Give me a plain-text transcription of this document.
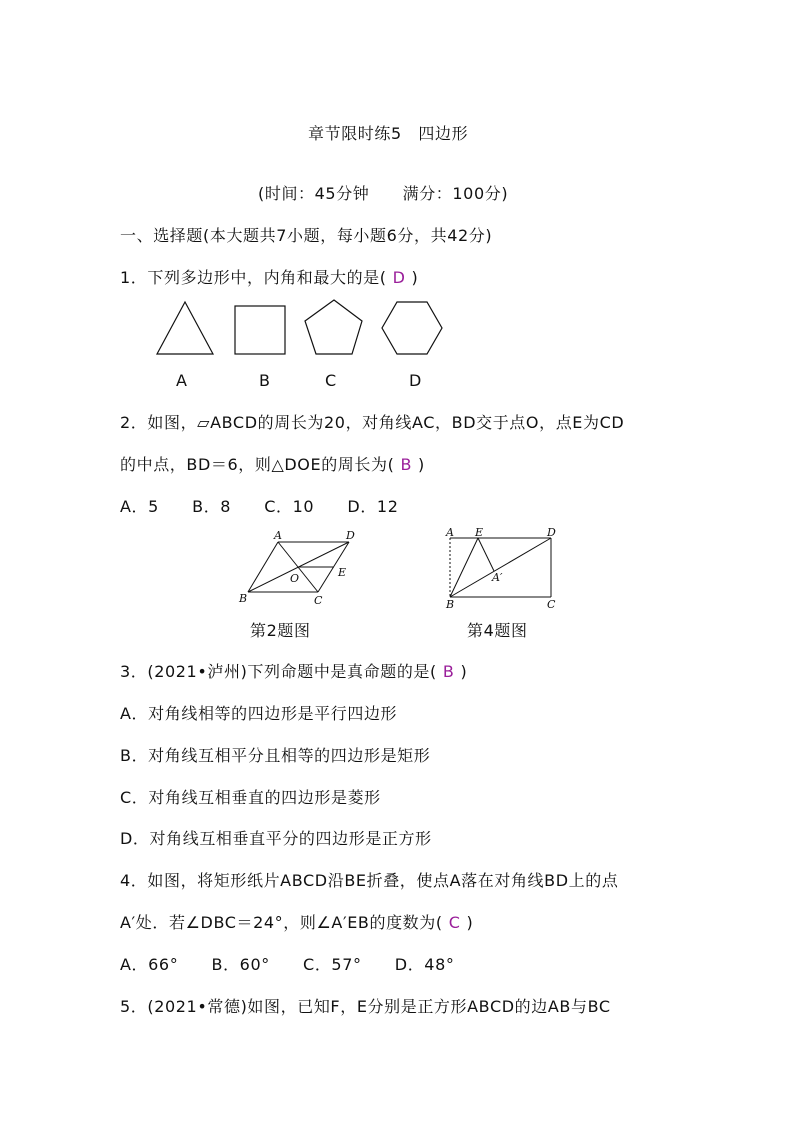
章节限时练5　四边形
(时间：45分钟　　满分：100分)
一、选择题(本大题共7小题，每小题6分，共42分)
1．下列多边形中，内角和最大的是( D )
A	B	C	D
2．如图，▱ABCD的周长为20，对角线AC，BD交于点O，点E为CD
的中点，BD＝6，则△DOE的周长为( B )
A．5　　B．8　　C．10　　D．12
A	D
O	E
B	C
A E	D
A′
B	C
第2题图	第4题图
3．(2021•泸州)下列命题中是真命题的是( B )
A．对角线相等的四边形是平行四边形
B．对角线互相平分且相等的四边形是矩形
C．对角线互相垂直的四边形是菱形
D．对角线互相垂直平分的四边形是正方形
4．如图，将矩形纸片ABCD沿BE折叠，使点A落在对角线BD上的点
A′处．若∠DBC＝24°，则∠A′EB的度数为( C )
A．66°　　B．60°　　C．57°　　D．48°
5．(2021•常德)如图，已知F，E分别是正方形ABCD的边AB与BC
